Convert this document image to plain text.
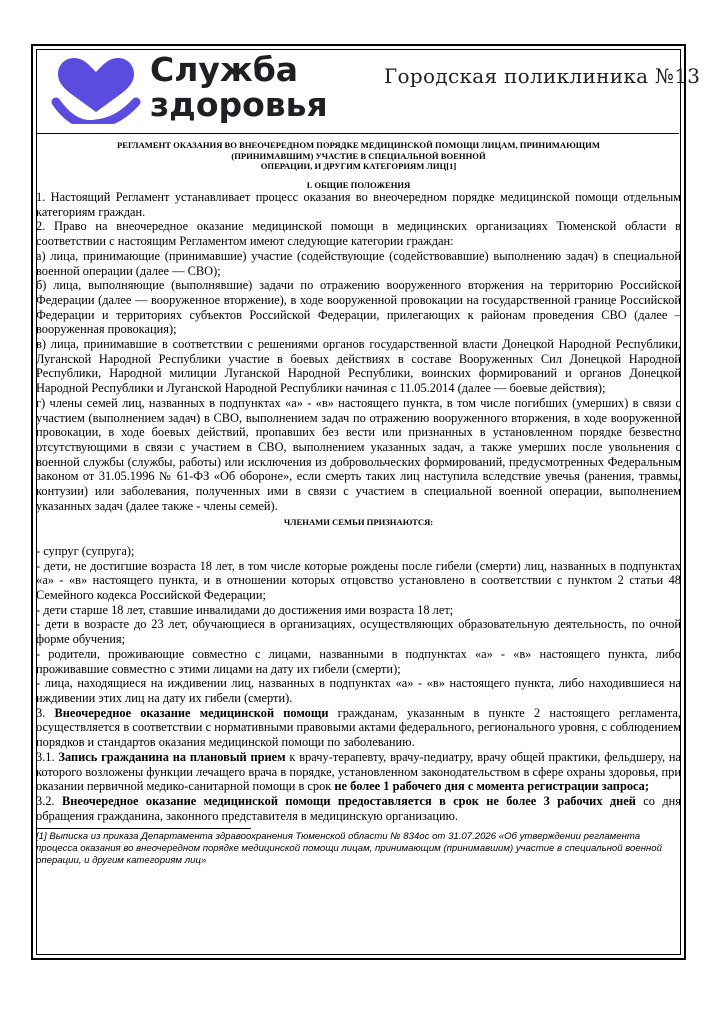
Служба
здоровья
Городская поликлиника №13
РЕГЛАМЕНТ ОКАЗАНИЯ ВО ВНЕОЧЕРЕДНОМ ПОРЯДКЕ МЕДИЦИНСКОЙ ПОМОЩИ ЛИЦАМ, ПРИНИМАЮЩИМ
(ПРИНИМАВШИМ) УЧАСТИЕ В СПЕЦИАЛЬНОЙ ВОЕННОЙ
ОПЕРАЦИИ, И ДРУГИМ КАТЕГОРИЯМ ЛИЦ[1]
I. ОБЩИЕ ПОЛОЖЕНИЯ

1. Настоящий Регламент устанавливает процесс оказания во внеочередном порядке медицинской помощи отдельным категориям граждан.

2. Право на внеочередное оказание медицинской помощи в медицинских организациях Тюменской области в соответствии с настоящим Регламентом имеют следующие категории граждан:

а) лица, принимающие (принимавшие) участие (содействующие (содействовавшие) выполнению задач) в специальной военной операции (далее — СВО);

б) лица, выполняющие (выполнявшие) задачи по отражению вооруженного вторжения на территорию Российской Федерации (далее — вооруженное вторжение), в ходе вооруженной провокации на государственной границе Российской Федерации и территориях субъектов Российской Федерации, прилегающих к районам проведения СВО (далее – вооруженная провокация);

в) лица, принимавшие в соответствии с решениями органов государственной власти Донецкой Народной Республики, Луганской Народной Республики участие в боевых действиях в составе Вооруженных Сил Донецкой Народной Республики, Народной милиции Луганской Народной Республики, воинских формирований и органов Донецкой Народной Республики и Луганской Народной Республики начиная с 11.05.2014 (далее — боевые действия);

г) члены семей лиц, названных в подпунктах «а» - «в» настоящего пункта, в том числе погибших (умерших) в связи с участием (выполнением задач) в СВО, выполнением задач по отражению вооруженного вторжения, в ходе вооруженной провокации, в ходе боевых действий, пропавших без вести или признанных в установленном порядке безвестно отсутствующими в связи с участием в СВО, выполнением указанных задач, а также умерших после увольнения с военной службы (службы, работы) или исключения из добровольческих формирований, предусмотренных Федеральным законом от 31.05.1996 № 61-ФЗ «Об обороне», если смерть таких лиц наступила вследствие увечья (ранения, травмы, контузии) или заболевания, полученных ими в связи с участием в специальной военной операции, выполнением указанных задач (далее также - члены семей).

ЧЛЕНАМИ СЕМЬИ ПРИЗНАЮТСЯ:

- супруг (супруга);

- дети, не достигшие возраста 18 лет, в том числе которые рождены после гибели (смерти) лиц, названных в подпунктах «а» - «в» настоящего пункта, и в отношении которых отцовство установлено в соответствии с пунктом 2 статьи 48 Семейного кодекса Российской Федерации;

- дети старше 18 лет, ставшие инвалидами до достижения ими возраста 18 лет;

- дети в возрасте до 23 лет, обучающиеся в организациях, осуществляющих образовательную деятельность, по очной форме обучения;

- родители, проживающие совместно с лицами, названными в подпунктах «а» - «в» настоящего пункта, либо проживавшие совместно с этими лицами на дату их гибели (смерти);

- лица, находящиеся на иждивении лиц, названных в подпунктах «а» - «в» настоящего пункта, либо находившиеся на иждивении этих лиц на дату их гибели (смерти).

3. Внеочередное оказание медицинской помощи гражданам, указанным в пункте 2 настоящего регламента, осуществляется в соответствии с нормативными правовыми актами федерального, регионального уровня, с соблюдением порядков и стандартов оказания медицинской помощи по заболеванию.

3.1. Запись гражданина на плановый прием к врачу-терапевту, врачу-педиатру, врачу общей практики, фельдшеру, на которого возложены функции лечащего врача в порядке, установленном законодательством в сфере охраны здоровья, при оказании первичной медико-санитарной помощи в срок не более 1 рабочего дня с момента регистрации запроса;

3.2. Внеочередное оказание медицинской помощи предоставляется в срок не более 3 рабочих дней со дня обращения гражданина, законного представителя в медицинскую организацию.

[1] Выписка из приказа Департамента здравоохранения Тюменской области № 834ос от 31.07.2026 «Об утверждении регламента процесса оказания во внеочередном порядке медицинской помощи лицам, принимающим (принимавшим) участие в специальной военной операции, и другим категориям лиц»
